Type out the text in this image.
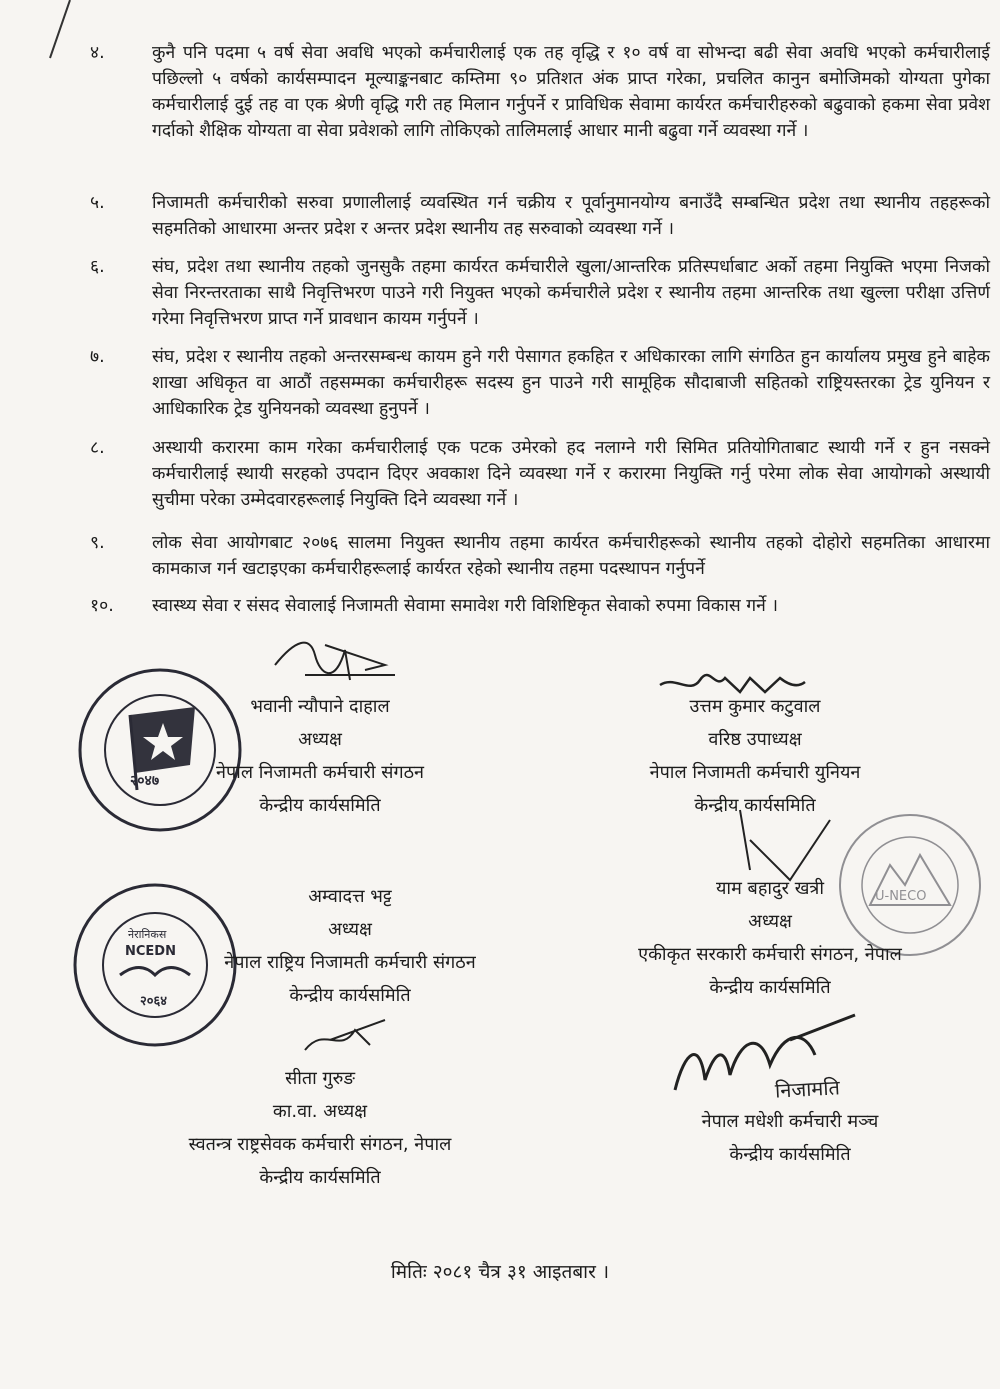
४.	कुनै पनि पदमा ५ वर्ष सेवा अवधि भएको कर्मचारीलाई एक तह वृद्धि र १० वर्ष वा सोभन्दा बढी सेवा अवधि भएको कर्मचारीलाई पछिल्लो ५ वर्षको कार्यसम्पादन मूल्याङ्कनबाट कम्तिमा ९० प्रतिशत अंक प्राप्त गरेका, प्रचलित कानुन बमोजिमको योग्यता पुगेका कर्मचारीलाई दुई तह वा एक श्रेणी वृद्धि गरी तह मिलान गर्नुपर्ने र प्राविधिक सेवामा कार्यरत कर्मचारीहरुको बढुवाको हकमा सेवा प्रवेश गर्दाको शैक्षिक योग्यता वा सेवा प्रवेशको लागि तोकिएको तालिमलाई आधार मानी बढुवा गर्ने व्यवस्था गर्ने ।
५.	निजामती कर्मचारीको सरुवा प्रणालीलाई व्यवस्थित गर्न चक्रीय र पूर्वानुमानयोग्य बनाउँदै सम्बन्धित प्रदेश तथा स्थानीय तहहरूको सहमतिको आधारमा अन्तर प्रदेश र अन्तर प्रदेश स्थानीय तह सरुवाको व्यवस्था गर्ने ।
६.	संघ, प्रदेश तथा स्थानीय तहको जुनसुकै तहमा कार्यरत कर्मचारीले खुला/आन्तरिक प्रतिस्पर्धाबाट अर्को तहमा नियुक्ति भएमा निजको सेवा निरन्तरताका साथै निवृत्तिभरण पाउने गरी नियुक्त भएको कर्मचारीले प्रदेश र स्थानीय तहमा आन्तरिक तथा खुल्ला परीक्षा उत्तिर्ण गरेमा निवृत्तिभरण प्राप्त गर्ने प्रावधान कायम गर्नुपर्ने ।
७.	संघ, प्रदेश र स्थानीय तहको अन्तरसम्बन्ध कायम हुने गरी पेसागत हकहित र अधिकारका लागि संगठित हुन कार्यालय प्रमुख हुने बाहेक शाखा अधिकृत वा आठौं तहसम्मका कर्मचारीहरू सदस्य हुन पाउने गरी सामूहिक सौदाबाजी सहितको राष्ट्रियस्तरका ट्रेड युनियन र आधिकारिक ट्रेड युनियनको व्यवस्था हुनुपर्ने ।
८.	अस्थायी करारमा काम गरेका कर्मचारीलाई एक पटक उमेरको हद नलाग्ने गरी सिमित प्रतियोगिताबाट स्थायी गर्ने र हुन नसक्ने कर्मचारीलाई स्थायी सरहको उपदान दिएर अवकाश दिने व्यवस्था गर्ने र करारमा नियुक्ति गर्नु परेमा लोक सेवा आयोगको अस्थायी सुचीमा परेका उम्मेदवारहरूलाई नियुक्ति दिने व्यवस्था गर्ने ।
९.	लोक सेवा आयोगबाट २०७६ सालमा नियुक्त स्थानीय तहमा कार्यरत कर्मचारीहरूको स्थानीय तहको दोहोरो सहमतिका आधारमा कामकाज गर्न खटाइएका कर्मचारीहरूलाई कार्यरत रहेको स्थानीय तहमा पदस्थापन गर्नुपर्ने
१०.	स्वास्थ्य सेवा र संसद सेवालाई निजामती सेवामा समावेश गरी विशिष्टिकृत सेवाको रुपमा विकास गर्ने ।
२०४७
भवानी न्यौपाने दाहाल
अध्यक्ष
नेपाल निजामती कर्मचारी संगठन
केन्द्रीय कार्यसमिति
उत्तम कुमार कटुवाल
वरिष्ठ उपाध्यक्ष
नेपाल निजामती कर्मचारी युनियन
केन्द्रीय कार्यसमिति
U-NECO
नेरानिकस
NCEDN
२०६४
अम्वादत्त भट्ट
अध्यक्ष
नेपाल राष्ट्रिय निजामती कर्मचारी संगठन
केन्द्रीय कार्यसमिति
याम बहादुर खत्री
अध्यक्ष
एकीकृत सरकारी कर्मचारी संगठन, नेपाल
केन्द्रीय कार्यसमिति
सीता गुरुङ
का.वा. अध्यक्ष
स्वतन्त्र राष्ट्रसेवक कर्मचारी संगठन, नेपाल
केन्द्रीय कार्यसमिति
निजामति
नेपाल मधेशी कर्मचारी मञ्च
केन्द्रीय कार्यसमिति
मितिः २०८१ चैत्र ३१ आइतबार ।
